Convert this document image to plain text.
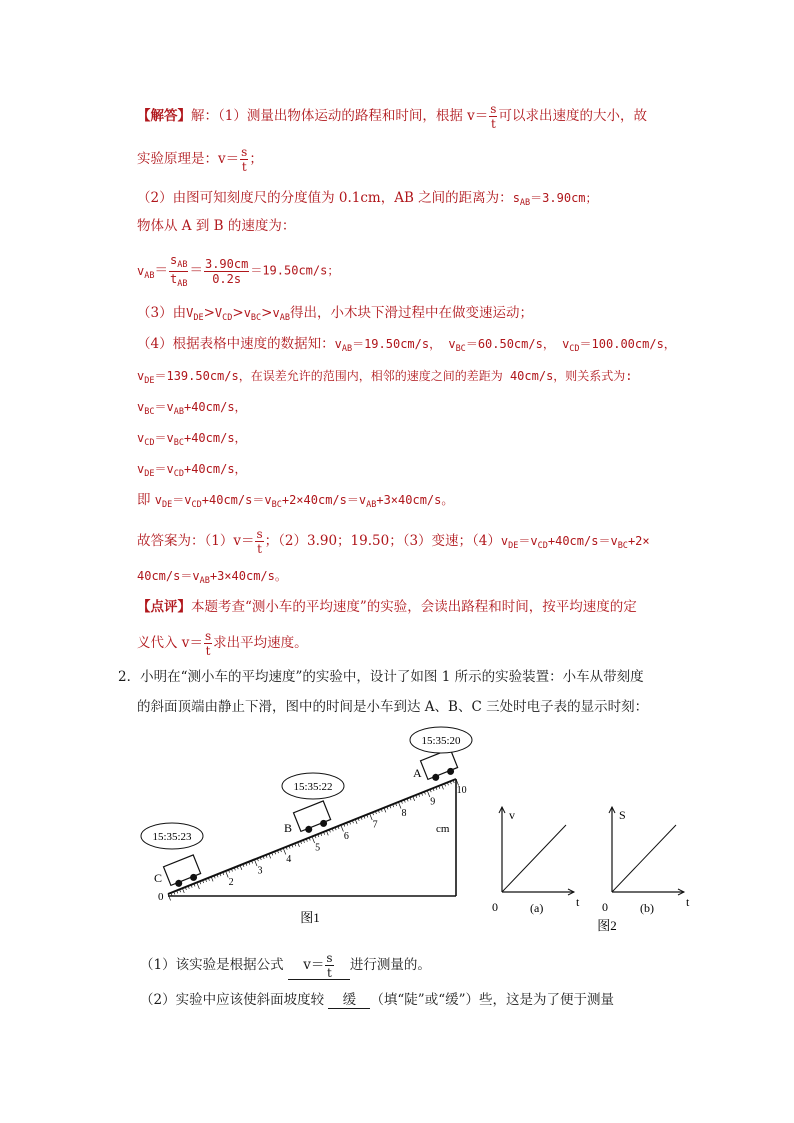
【解答】解：（1）测量出物体运动的路程和时间，根据 $v= \frac{s}{t}$ 可以求出速度的大小，故
实验原理是：$v= \frac{s}{t}$ ；
（2）由图可知刻度尺的分度值为 0.1cm，AB 之间的距离为：$s_{AB}=3.90cm$；
物体从 A 到 B 的速度为：
$v_{AB}= \frac{s_{AB}}{t_{AB}} = \frac{3.90cm}{0.2s} =19.50cm/s$；
（3）由$V_{DE}>V_{CD}>v_{BC}>v_{AB}$得出，小木块下滑过程中在做变速运动；
（4）根据表格中速度的数据知：$v_{AB}=19.50cm/s$， $v_{BC}=60.50cm/s$， $v_{CD}=100.00cm/s$，
$v_{DE}=139.50cm/s$，在误差允许的范围内，相邻的速度之间的差距为 40cm/s，则关系式为:
$v_{BC}=v_{AB}+40cm/s$，
$v_{CD}=v_{BC}+40cm/s$，
$v_{DE}=v_{CD}+40cm/s$，
即 $v_{DE}=v_{CD}+40cm/s=v_{BC}+2\times 40cm/s=v_{AB}+3\times 40cm/s$。
故答案为：$(1)v= \frac{s}{t}$ ；（2）3.90；19.50；（3）变速；$(4)v_{DE}=v_{CD}+40cm/s=v_{BC}+2\times$
$40cm/s=v_{AB}+3\times 40cm/s$。
【点评】本题考查“测小车的平均速度”的实验，会读出路程和时间，按平均速度的定
义代入 $v= \frac{s}{t}$ 求出平均速度。
2．小明在“测小车的平均速度”的实验中，设计了如图 1 所示的实验装置：小车从带刻度
的斜面顶端由静止下滑，图中的时间是小车到达 A、B、C 三处时电子表的显示时刻：
2
3
4
5
6
7
8
9
10
cm
0
C
B
A
15:35:23
15:35:22
15:35:20
图1
v
t
0	(a)
S
t
0	(b)
图2
（1）该实验是根据公式 $v= \frac{s}{t}$ 进行测量的。
（2）实验中应该使斜面坡度较 缓 （填“陡”或“缓”）些，这是为了便于测量
